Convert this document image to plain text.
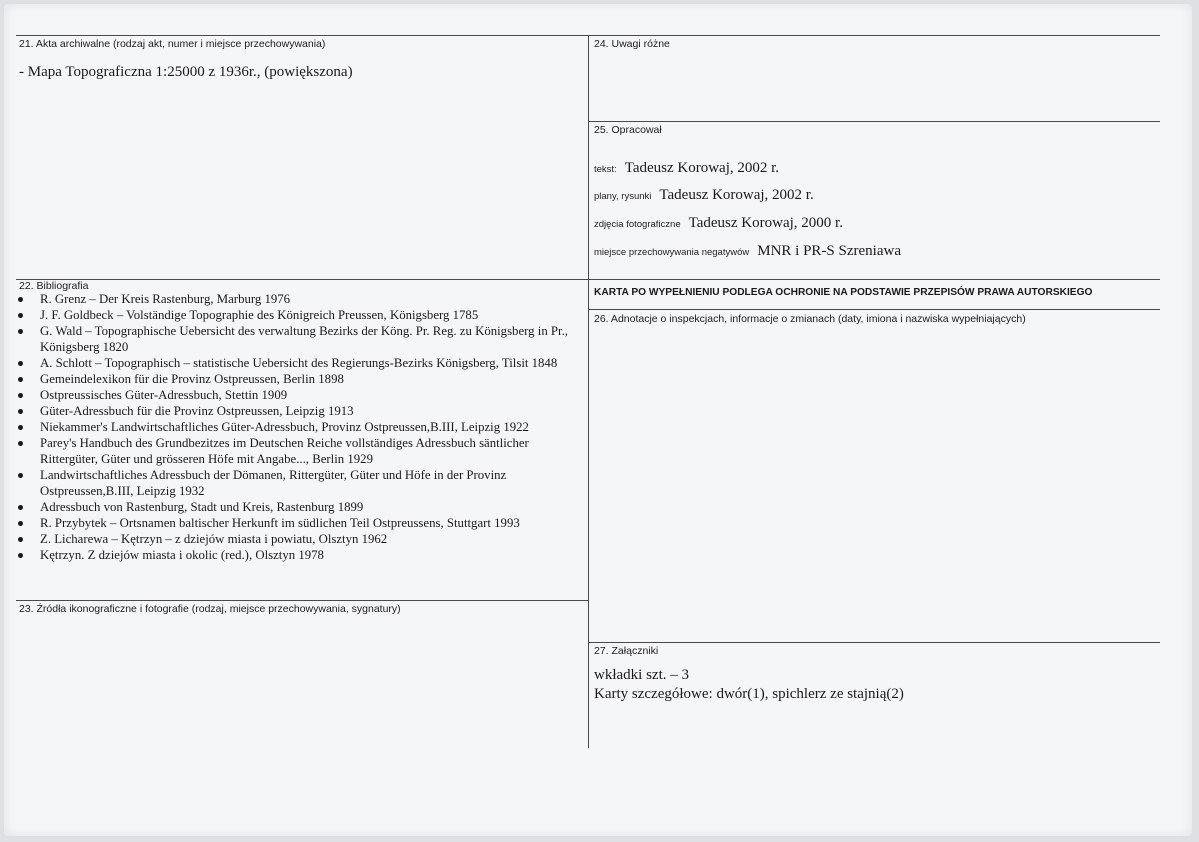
21. Akta archiwalne (rodzaj akt, numer i miejsce przechowywania)
- Mapa Topograficzna 1:25000 z 1936r., (powiększona)
22. Bibliografia
R. Grenz – Der Kreis Rastenburg, Marburg 1976
J. F. Goldbeck – Volständige Topographie des Königreich Preussen, Königsberg 1785
G. Wald – Topographische Uebersicht des verwaltung Bezirks der Köng. Pr. Reg. zu Königsberg in Pr., Königsberg 1820
A. Schlott – Topographisch – statistische Uebersicht des Regierungs-Bezirks Königsberg, Tilsit 1848
Gemeindelexikon für die Provinz Ostpreussen, Berlin 1898
Ostpreussisches Güter-Adressbuch, Stettin 1909
Güter-Adressbuch für die Provinz Ostpreussen, Leipzig 1913
Niekammer's Landwirtschaftliches Güter-Adressbuch, Provinz Ostpreussen,B.III, Leipzig 1922
Parey's Handbuch des Grundbezitzes im Deutschen Reiche vollständiges Adressbuch säntlicher Rittergüter, Güter und grösseren Höfe mit Angabe..., Berlin 1929
Landwirtschaftliches Adressbuch der Dömanen, Rittergüter, Güter und Höfe in der Provinz Ostpreussen,B.III, Leipzig 1932
Adressbuch von Rastenburg, Stadt und Kreis, Rastenburg 1899
R. Przybytek – Ortsnamen baltischer Herkunft im südlichen Teil Ostpreussens, Stuttgart 1993
Z. Licharewa – Kętrzyn – z dziejów miasta i powiatu, Olsztyn 1962
Kętrzyn. Z dziejów miasta i okolic (red.), Olsztyn 1978
23. Źródła ikonograficzne i fotografie (rodzaj, miejsce przechowywania, sygnatury)
24. Uwagi różne
25. Opracował
tekst: Tadeusz Korowaj, 2002 r.
plany, rysunki Tadeusz Korowaj, 2002 r.
zdjęcia fotograficzne Tadeusz Korowaj, 2000 r.
miejsce przechowywania negatywów MNR i PR-S Szreniawa
KARTA PO WYPEŁNIENIU PODLEGA OCHRONIE NA PODSTAWIE PRZEPISÓW PRAWA AUTORSKIEGO
26. Adnotacje o inspekcjach, informacje o zmianach (daty, imiona i nazwiska wypełniających)
27. Załączniki
wkładki szt. – 3
Karty szczegółowe: dwór(1), spichlerz ze stajnią(2)
